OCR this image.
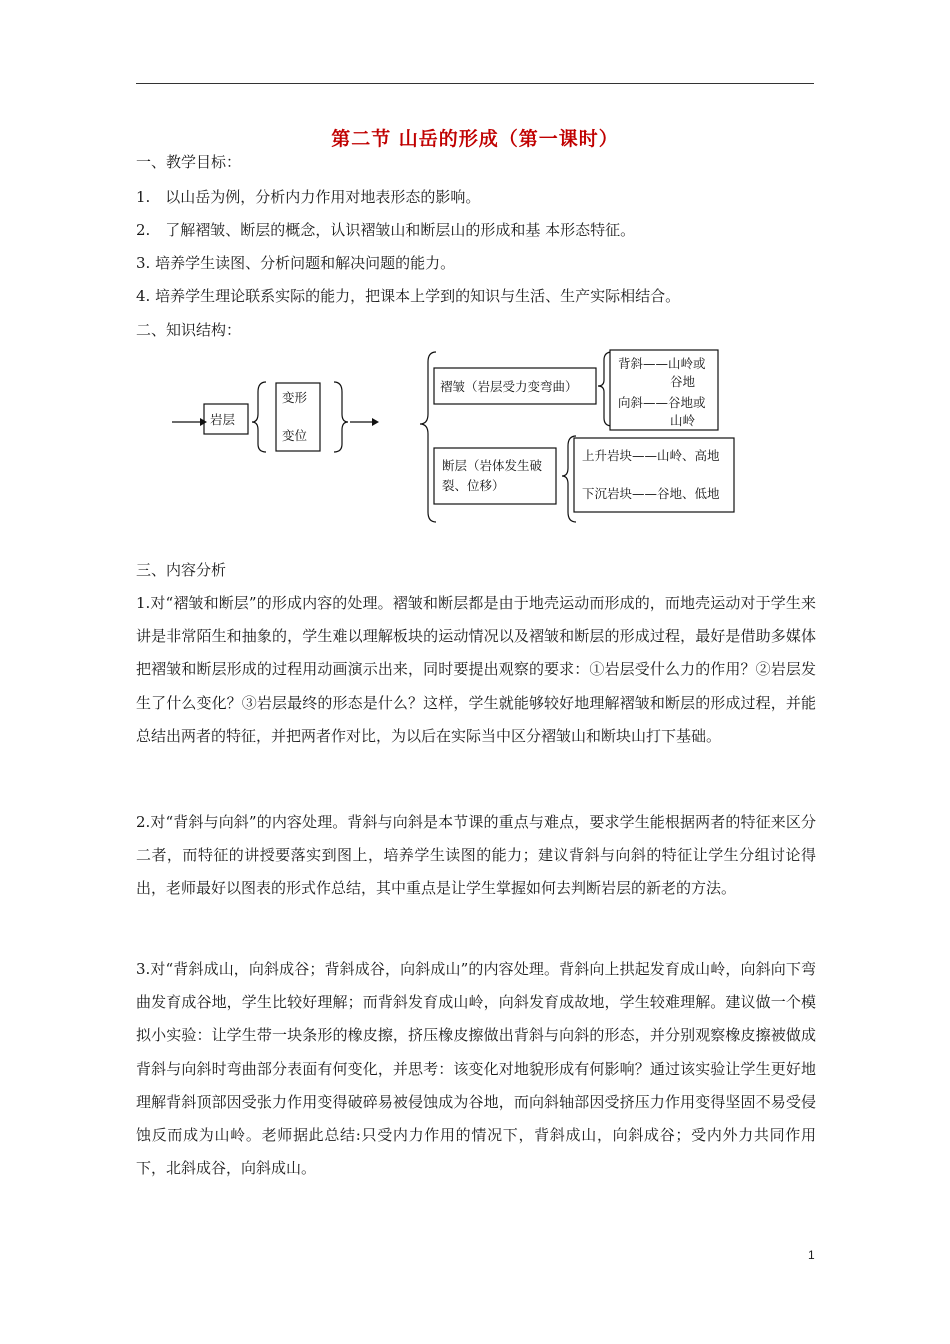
第二节 山岳的形成（第一课时）
一、教学目标：
1.　以山岳为例，分析内力作用对地表形态的影响。
2.　了解褶皱、断层的概念，认识褶皱山和断层山的形成和基 本形态特征。
3. 培养学生读图、分析问题和解决问题的能力。
4. 培养学生理论联系实际的能力，把课本上学到的知识与生活、生产实际相结合。
二、知识结构：
岩层
变形
变位
褶皱（岩层受力变弯曲）
背斜——山岭或
谷地
向斜——谷地或
山岭
断层（岩体发生破
裂、位移）
上升岩块——山岭、高地
下沉岩块——谷地、低地
三、内容分析
1.对“褶皱和断层”的形成内容的处理。褶皱和断层都是由于地壳运动而形成的，而地壳运动对于学生来讲是非常陌生和抽象的，学生难以理解板块的运动情况以及褶皱和断层的形成过程，最好是借助多媒体把褶皱和断层形成的过程用动画演示出来，同时要提出观察的要求：①岩层受什么力的作用？②岩层发生了什么变化？③岩层最终的形态是什么？这样，学生就能够较好地理解褶皱和断层的形成过程，并能总结出两者的特征，并把两者作对比，为以后在实际当中区分褶皱山和断块山打下基础。
2.对“背斜与向斜”的内容处理。背斜与向斜是本节课的重点与难点，要求学生能根据两者的特征来区分二者，而特征的讲授要落实到图上，培养学生读图的能力；建议背斜与向斜的特征让学生分组讨论得出，老师最好以图表的形式作总结，其中重点是让学生掌握如何去判断岩层的新老的方法。
3.对“背斜成山，向斜成谷；背斜成谷，向斜成山”的内容处理。背斜向上拱起发育成山岭，向斜向下弯曲发育成谷地，学生比较好理解；而背斜发育成山岭，向斜发育成故地，学生较难理解。建议做一个模拟小实验：让学生带一块条形的橡皮擦，挤压橡皮擦做出背斜与向斜的形态，并分别观察橡皮擦被做成背斜与向斜时弯曲部分表面有何变化，并思考：该变化对地貌形成有何影响？通过该实验让学生更好地理解背斜顶部因受张力作用变得破碎易被侵蚀成为谷地，而向斜轴部因受挤压力作用变得坚固不易受侵蚀反而成为山岭。老师据此总结:只受内力作用的情况下，背斜成山，向斜成谷；受内外力共同作用下，北斜成谷，向斜成山。
1
